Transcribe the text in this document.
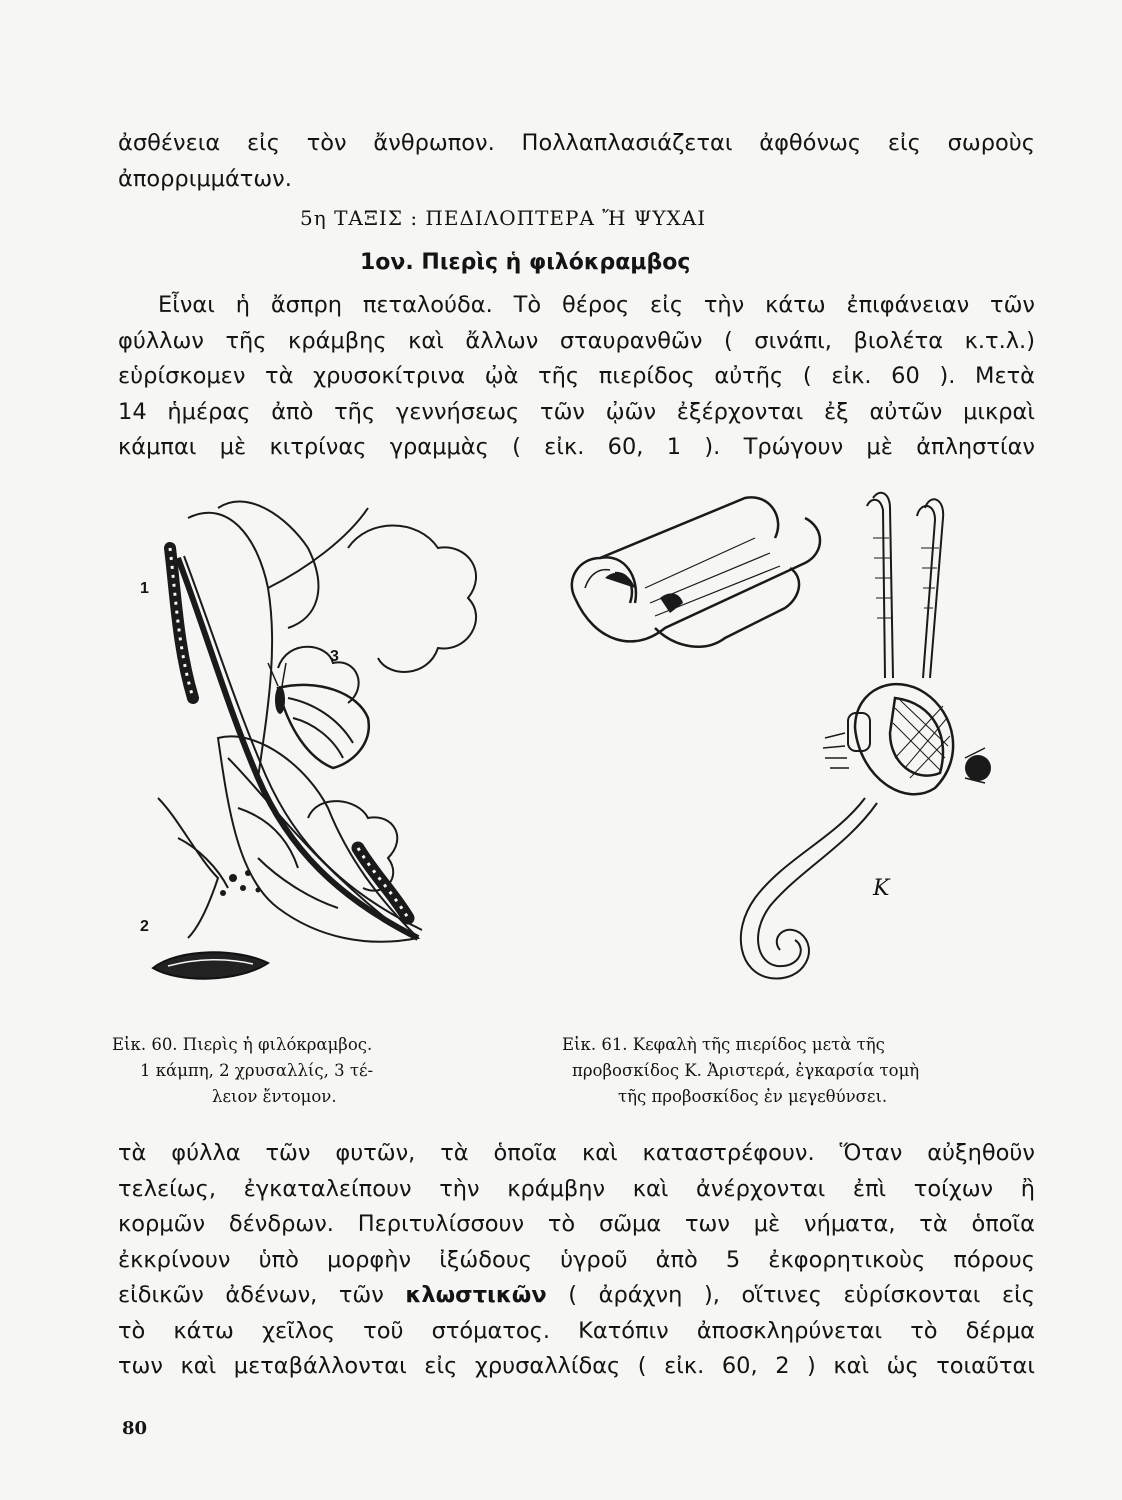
ἀσθένεια εἰς τὸν ἄνθρωπον. Πολλαπλασιάζεται ἀφθόνως εἰς σωροὺς
ἀπορριμμάτων.
5η ΤΑΞΙΣ : ΠΕΔΙΛΟΠΤΕΡΑ Ἤ ΨΥΧΑΙ
1ον. Πιερὶς ἡ φιλόκραμβος
Εἶναι ἡ ἄσπρη πεταλούδα. Τὸ θέρος εἰς τὴν κάτω ἐπιφάνειαν τῶν
φύλλων τῆς κράμβης καὶ ἄλλων σταυρανθῶν ( σινάπι, βιολέτα κ.τ.λ.)
εὑρίσκομεν τὰ χρυσοκίτρινα ᾠὰ τῆς πιερίδος αὐτῆς ( εἰκ. 60 ). Μετὰ
14 ἡμέρας ἀπὸ τῆς γεννήσεως τῶν ᾠῶν ἐξέρχονται ἐξ αὐτῶν μικραὶ
κάμπαι μὲ κιτρίνας γραμμὰς ( εἰκ. 60, 1 ). Τρώγουν μὲ ἀπληστίαν
1
2
3
K
Εἰκ. 60. Πιερὶς ἡ φιλόκραμβος.
1 κάμπη, 2 χρυσαλλίς, 3 τέ-
λειον ἔντομον.
Εἰκ. 61. Κεφαλὴ τῆς πιερίδος μετὰ τῆς
προβοσκίδος Κ. Ἀριστερά, ἐγκαρσία τομὴ
τῆς προβοσκίδος ἐν μεγεθύνσει.
τὰ φύλλα τῶν φυτῶν, τὰ ὁποῖα καὶ καταστρέφουν. Ὅταν αὐξηθοῦν
τελείως, ἐγκαταλείπουν τὴν κράμβην καὶ ἀνέρχονται ἐπὶ τοίχων ἢ
κορμῶν δένδρων. Περιτυλίσσουν τὸ σῶμα των μὲ νήματα, τὰ ὁποῖα
ἐκκρίνουν ὑπὸ μορφὴν ἰξώδους ὑγροῦ ἀπὸ 5 ἐκφορητικοὺς πόρους
εἰδικῶν ἀδένων, τῶν κλωστικῶν ( ἀράχνη ), οἵτινες εὑρίσκονται εἰς
τὸ κάτω χεῖλος τοῦ στόματος. Κατόπιν ἀποσκληρύνεται τὸ δέρμα
των καὶ μεταβάλλονται εἰς χρυσαλλίδας ( εἰκ. 60, 2 ) καὶ ὡς τοιαῦται
80
